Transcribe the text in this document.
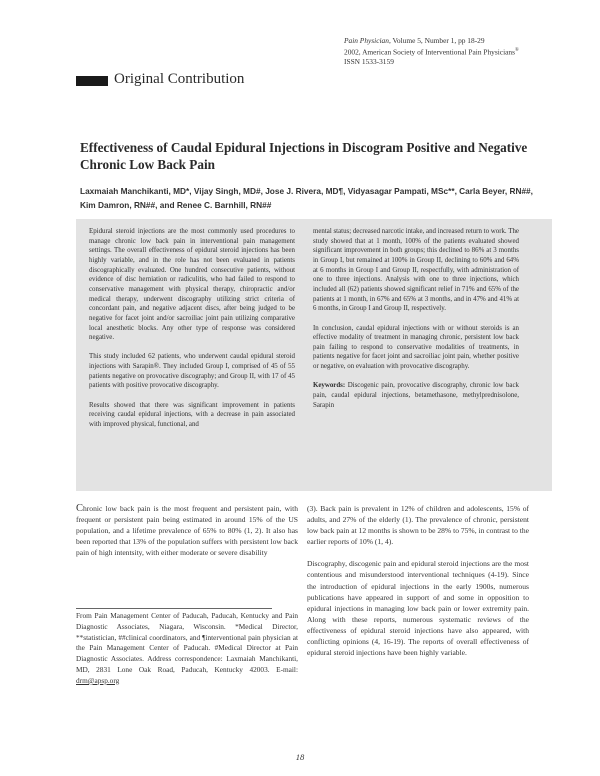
Pain Physician, Volume 5, Number 1, pp 18-29
2002, American Society of Interventional Pain Physicians®
ISSN 1533-3159
Original Contribution
Effectiveness of Caudal Epidural Injections in Discogram Positive and Negative Chronic Low Back Pain
Laxmaiah Manchikanti, MD*, Vijay Singh, MD#, Jose J. Rivera, MD¶, Vidyasagar Pampati, MSc**, Carla Beyer, RN##, Kim Damron, RN##, and Renee C. Barnhill, RN##

Epidural steroid injections are the most commonly used procedures to manage chronic low back pain in interventional pain management settings. The overall effectiveness of epidural steroid injections has been highly variable, and in the role has not been evaluated in patients discographically evaluated. One hundred consecutive patients, without evidence of disc herniation or radiculitis, who had failed to respond to conservative management with physical therapy, chiropractic and/or medical therapy, underwent discography utilizing strict criteria of concordant pain, and negative adjacent discs, after being judged to be negative for facet joint and/or sacroiliac joint pain utilizing comparative local anesthetic blocks. Any other type of response was considered negative.

This study included 62 patients, who underwent caudal epidural steroid injections with Sarapin®. They included Group I, comprised of 45 of 55 patients negative on provocative discography; and Group II, with 17 of 45 patients with positive provocative discography.

Results showed that there was significant improvement in patients receiving caudal epidural injections, with a decrease in pain associated with improved physical, functional, and

mental status; decreased narcotic intake, and increased return to work. The study showed that at 1 month, 100% of the patients evaluated showed significant improvement in both groups; this declined to 86% at 3 months in Group I, but remained at 100% in Group II, declining to 60% and 64% at 6 months in Group I and Group II, respectfully, with administration of one to three injections. Analysis with one to three injections, which included all (62) patients showed significant relief in 71% and 65% of the patients at 1 month, in 67% and 65% at 3 months, and in 47% and 41% at 6 months, in Group I and Group II, respectively.

In conclusion, caudal epidural injections with or without steroids is an effective modality of treatment in managing chronic, persistent low back pain failing to respond to conservative modalities of treatments, in patients negative for facet joint and sacroiliac joint pain, whether positive or negative, on evaluation with provocative discography.

Keywords: Discogenic pain, provocative discography, chronic low back pain, caudal epidural injections, betamethasone, methylprednisolone, Sarapin

Chronic low back pain is the most frequent and persistent pain, with frequent or persistent pain being estimated in around 15% of the US population, and a lifetime prevalence of 65% to 80% (1, 2). It also has been reported that 13% of the population suffers with persistent low back pain of high intentsity, with either moderate or severe disability

(3). Back pain is prevalent in 12% of children and adolescents, 15% of adults, and 27% of the elderly (1). The prevalence of chronic, persistent low back pain at 12 months is shown to be 28% to 75%, in contrast to the earlier reports of 10% (1, 4).

Discography, discogenic pain and epidural steroid injections are the most contentious and misunderstood interventional techniques (4-19). Since the introduction of epidural injections in the early 1900s, numerous publications have appeared in support of and some in opposition to epidural injections in managing low back pain or lower extremity pain. Along with these reports, numerous systematic reviews of the effectiveness of epidural steroid injections have also appeared, with conflicting opinions (4, 16-19). The reports of overall effectiveness of epidural steroid injections have been highly variable.

From Pain Management Center of Paducah, Paducah, Kentucky and Pain Diagnostic Associates, Niagara, Wisconsin. *Medical Director, **statistician, ##clinical coordinators, and ¶interventional pain physician at the Pain Management Center of Paducah. #Medical Director at Pain Diagnostic Associates. Address correspondence: Laxmaiah Manchikanti, MD, 2831 Lone Oak Road, Paducah, Kentucky 42003. E-mail: drm@apsp.org
18
